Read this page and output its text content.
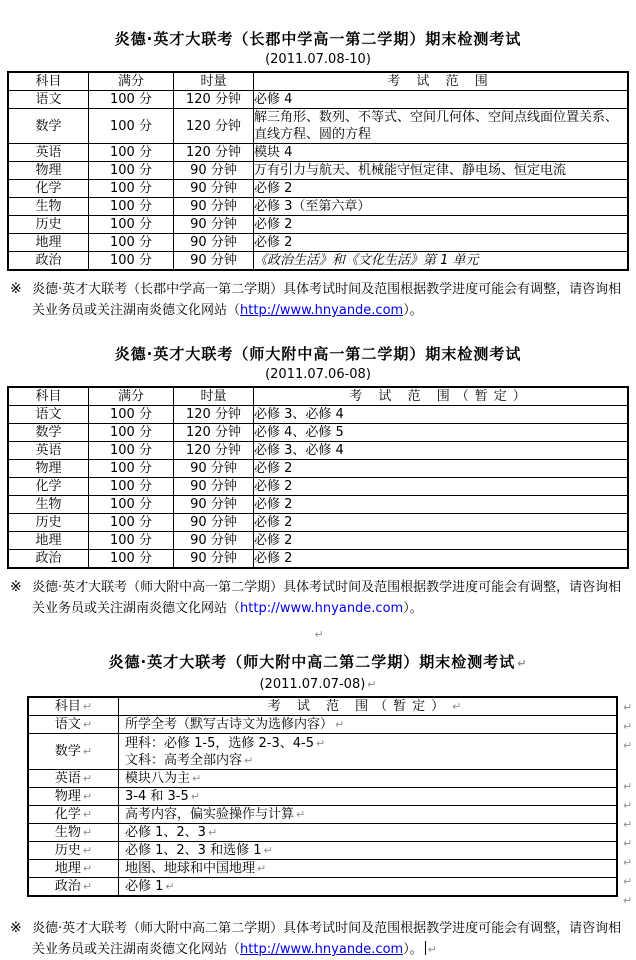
炎德·英才大联考（长郡中学高一第二学期）期末检测考试
(2011.07.08-10)
科目	满分	时量	考 试 范 围
语文	100 分	120 分钟	必修 4
数学	100 分	120 分钟	解三角形、数列、不等式、空间几何体、空间点线面位置关系、直线方程、圆的方程
英语	100 分	120 分钟	模块 4
物理	100 分	90 分钟	万有引力与航天、机械能守恒定律、静电场、恒定电流
化学	100 分	90 分钟	必修 2
生物	100 分	90 分钟	必修 3（至第六章）
历史	100 分	90 分钟	必修 2
地理	100 分	90 分钟	必修 2
政治	100 分	90 分钟	《政治生活》和《文化生活》第 1 单元
※ 炎德·英才大联考（长郡中学高一第二学期）具体考试时间及范围根据教学进度可能会有调整，请咨询相关业务员或关注湖南炎德文化网站（http://www.hnyande.com）。
炎德·英才大联考（师大附中高一第二学期）期末检测考试
(2011.07.06-08)
科目	满分	时量	考 试 范 围（暂定）
语文	100 分	120 分钟	必修 3、必修 4
数学	100 分	120 分钟	必修 4、必修 5
英语	100 分	120 分钟	必修 3、必修 4
物理	100 分	90 分钟	必修 2
化学	100 分	90 分钟	必修 2
生物	100 分	90 分钟	必修 2
历史	100 分	90 分钟	必修 2
地理	100 分	90 分钟	必修 2
政治	100 分	90 分钟	必修 2
※ 炎德·英才大联考（师大附中高一第二学期）具体考试时间及范围根据教学进度可能会有调整，请咨询相关业务员或关注湖南炎德文化网站（http://www.hnyande.com）。
↵
炎德·英才大联考（师大附中高二第二学期）期末检测考试 ↵
(2011.07.07-08) ↵
科目 ↵	考 试 范 围（暂定） ↵
语文 ↵	所学全考（默写古诗文为选修内容） ↵
数学 ↵	理科：必修 1-5，选修 2-3、4-5 ↵
文科：高考全部内容 ↵

英语 ↵	模块八为主 ↵
物理 ↵	3-4 和 3-5 ↵
化学 ↵	高考内容，偏实验操作与计算 ↵
生物 ↵	必修 1、2、3 ↵
历史 ↵	必修 1、2、3 和选修 1 ↵
地理 ↵	地图、地球和中国地理 ↵
政治 ↵	必修 1 ↵
↵
↵
↵
↵
↵
↵
↵
↵
↵
↵
※ 炎德·英才大联考（师大附中高二第二学期）具体考试时间及范围根据教学进度可能会有调整，请咨询相关业务员或关注湖南炎德文化网站（http://www.hnyande.com）。 ↵
